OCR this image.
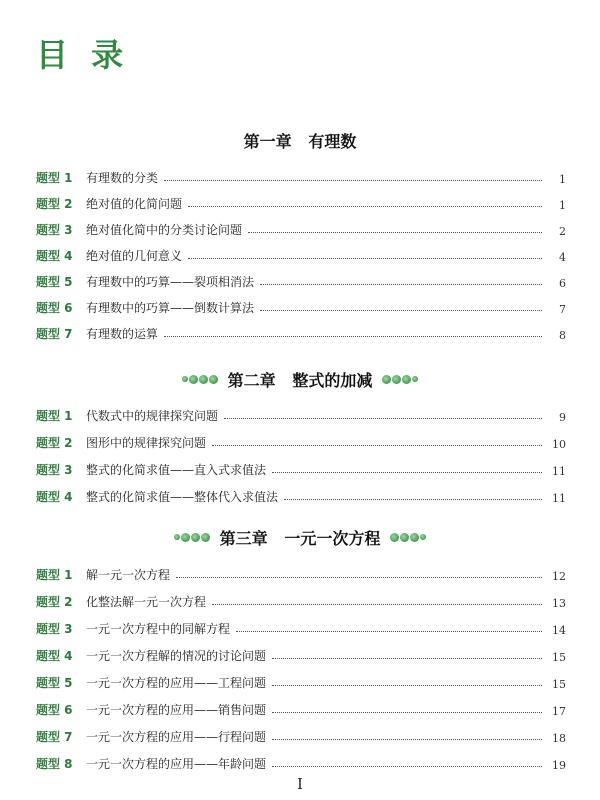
目 录
第一章   有理数
题型 1	有理数的分类	1
题型 2	绝对值的化简问题	1
题型 3	绝对值化简中的分类讨论问题	2
题型 4	绝对值的几何意义	4
题型 5	有理数中的巧算——裂项相消法	6
题型 6	有理数中的巧算——倒数计算法	7
题型 7	有理数的运算	8
第二章   整式的加减
题型 1	代数式中的规律探究问题	9
题型 2	图形中的规律探究问题	10
题型 3	整式的化简求值——直入式求值法	11
题型 4	整式的化简求值——整体代入求值法	11
第三章   一元一次方程
题型 1	解一元一次方程	12
题型 2	化整法解一元一次方程	13
题型 3	一元一次方程中的同解方程	14
题型 4	一元一次方程解的情况的讨论问题	15
题型 5	一元一次方程的应用——工程问题	15
题型 6	一元一次方程的应用——销售问题	17
题型 7	一元一次方程的应用——行程问题	18
题型 8	一元一次方程的应用——年龄问题	19
I
